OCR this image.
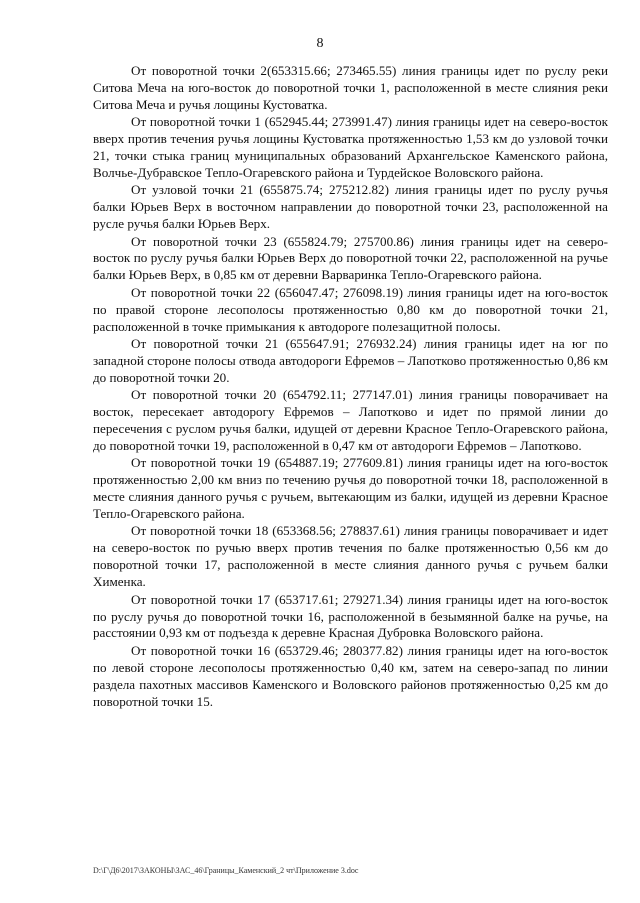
8

От поворотной точки 2(653315.66; 273465.55) линия границы идет по руслу реки Ситова Меча на юго-восток до поворотной точки 1, расположенной в месте слияния реки Ситова Меча и ручья лощины Кустоватка.

От поворотной точки 1 (652945.44; 273991.47) линия границы идет на северо-восток вверх против течения ручья лощины Кустоватка протяженностью 1,53 км до узловой точки 21, точки стыка границ муниципальных образований Архангельское Каменского района, Волчье-Дубравское Тепло-Огаревского района и Турдейское Воловского района.

От узловой точки 21 (655875.74; 275212.82) линия границы идет по руслу ручья балки Юрьев Верх в восточном направлении до поворотной точки 23, расположенной на русле ручья балки Юрьев Верх.

От поворотной точки 23 (655824.79; 275700.86) линия границы идет на северо-восток по руслу ручья балки Юрьев Верх до поворотной точки 22, расположенной на ручье балки Юрьев Верх, в 0,85 км от деревни Варваринка Тепло-Огаревского района.

От поворотной точки 22 (656047.47; 276098.19) линия границы идет на юго-восток по правой стороне лесополосы протяженностью 0,80 км до поворотной точки 21, расположенной в точке примыкания к автодороге полезащитной полосы.

От поворотной точки 21 (655647.91; 276932.24) линия границы идет на юг по западной стороне полосы отвода автодороги Ефремов – Лапотково протяженностью 0,86 км до поворотной точки 20.

От поворотной точки 20 (654792.11; 277147.01) линия границы поворачивает на восток, пересекает автодорогу Ефремов – Лапотково и идет по прямой линии до пересечения с руслом ручья балки, идущей от деревни Красное Тепло-Огаревского района, до поворотной точки 19, расположенной в 0,47 км от автодороги Ефремов – Лапотково.

От поворотной точки 19 (654887.19; 277609.81) линия границы идет на юго-восток протяженностью 2,00 км вниз по течению ручья до поворотной точки 18, расположенной в месте слияния данного ручья с ручьем, вытекающим из балки, идущей из деревни Красное Тепло-Огаревского района.

От поворотной точки 18 (653368.56; 278837.61) линия границы поворачивает и идет на северо-восток по ручью вверх против течения по балке протяженностью 0,56 км до поворотной точки 17, расположенной в месте слияния данного ручья с ручьем балки Хименка.

От поворотной точки 17 (653717.61; 279271.34) линия границы идет на юго-восток по руслу ручья до поворотной точки 16, расположенной в безымянной балке на ручье, на расстоянии 0,93 км от подъезда к деревне Красная Дубровка Воловского района.

От поворотной точки 16 (653729.46; 280377.82) линия границы идет на юго-восток по левой стороне лесополосы протяженностью 0,40 км, затем на северо-запад по линии раздела пахотных массивов Каменского и Воловского районов протяженностью 0,25 км до поворотной точки 15.

D:\Г\Д6\2017\ЗАКОНЫ\ЗАС_46\Границы_Каменский_2 чт\Приложение 3.doc
